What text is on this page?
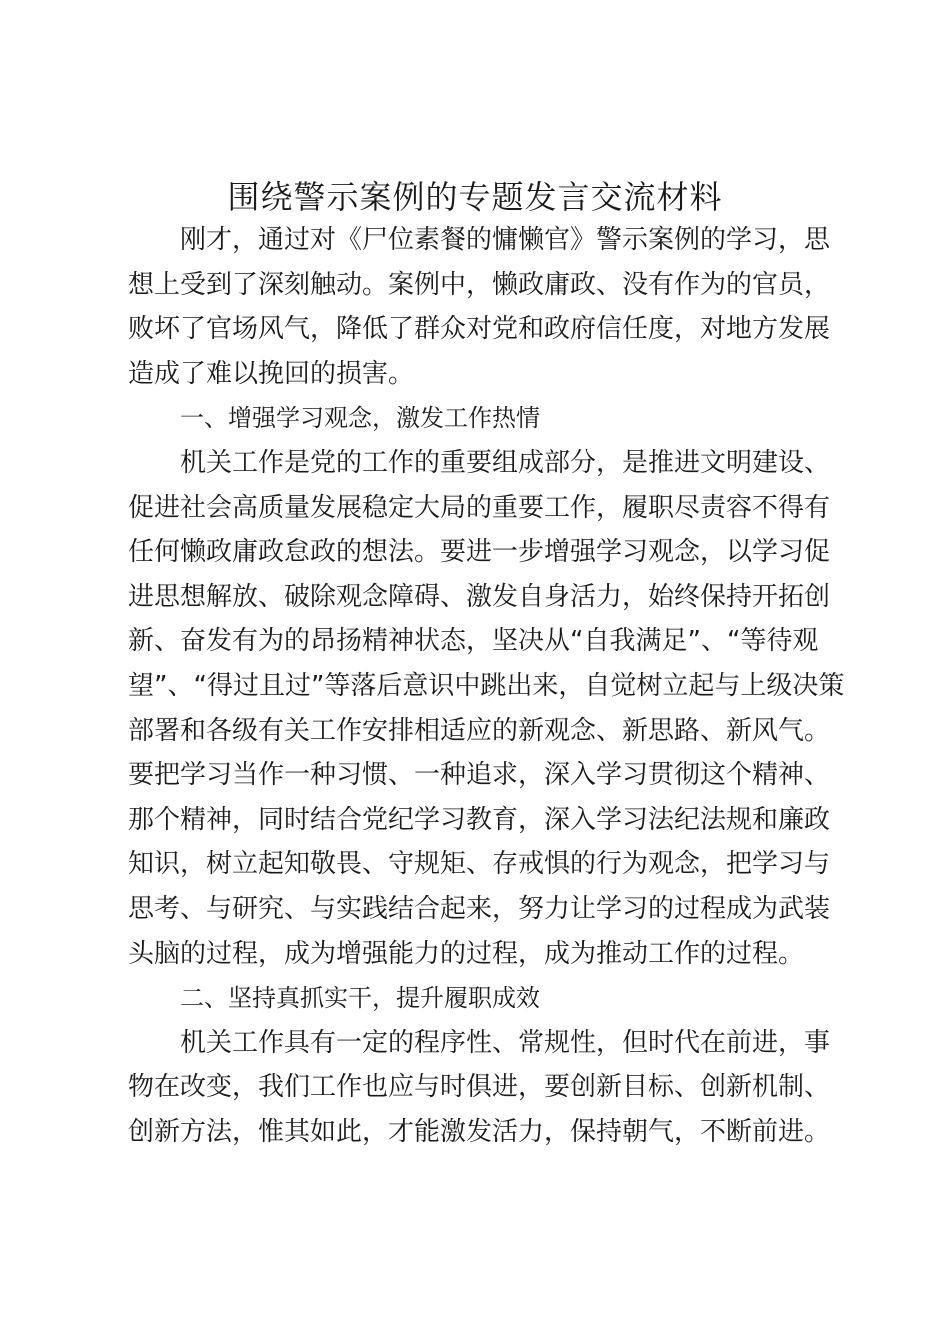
围绕警示案例的专题发言交流材料
刚才，通过对《尸位素餐的慵懒官》警示案例的学习，思
想上受到了深刻触动。案例中，懒政庸政、没有作为的官员，
败坏了官场风气，降低了群众对党和政府信任度，对地方发展
造成了难以挽回的损害。
一、增强学习观念，激发工作热情
机关工作是党的工作的重要组成部分，是推进文明建设、
促进社会高质量发展稳定大局的重要工作，履职尽责容不得有
任何懒政庸政怠政的想法。要进一步增强学习观念，以学习促
进思想解放、破除观念障碍、激发自身活力，始终保持开拓创
新、奋发有为的昂扬精神状态，坚决从“自我满足”、“等待观
望”、“得过且过”等落后意识中跳出来，自觉树立起与上级决策
部署和各级有关工作安排相适应的新观念、新思路、新风气。
要把学习当作一种习惯、一种追求，深入学习贯彻这个精神、
那个精神，同时结合党纪学习教育，深入学习法纪法规和廉政
知识，树立起知敬畏、守规矩、存戒惧的行为观念，把学习与
思考、与研究、与实践结合起来，努力让学习的过程成为武装
头脑的过程，成为增强能力的过程，成为推动工作的过程。
二、坚持真抓实干，提升履职成效
机关工作具有一定的程序性、常规性，但时代在前进，事
物在改变，我们工作也应与时俱进，要创新目标、创新机制、
创新方法，惟其如此，才能激发活力，保持朝气，不断前进。
